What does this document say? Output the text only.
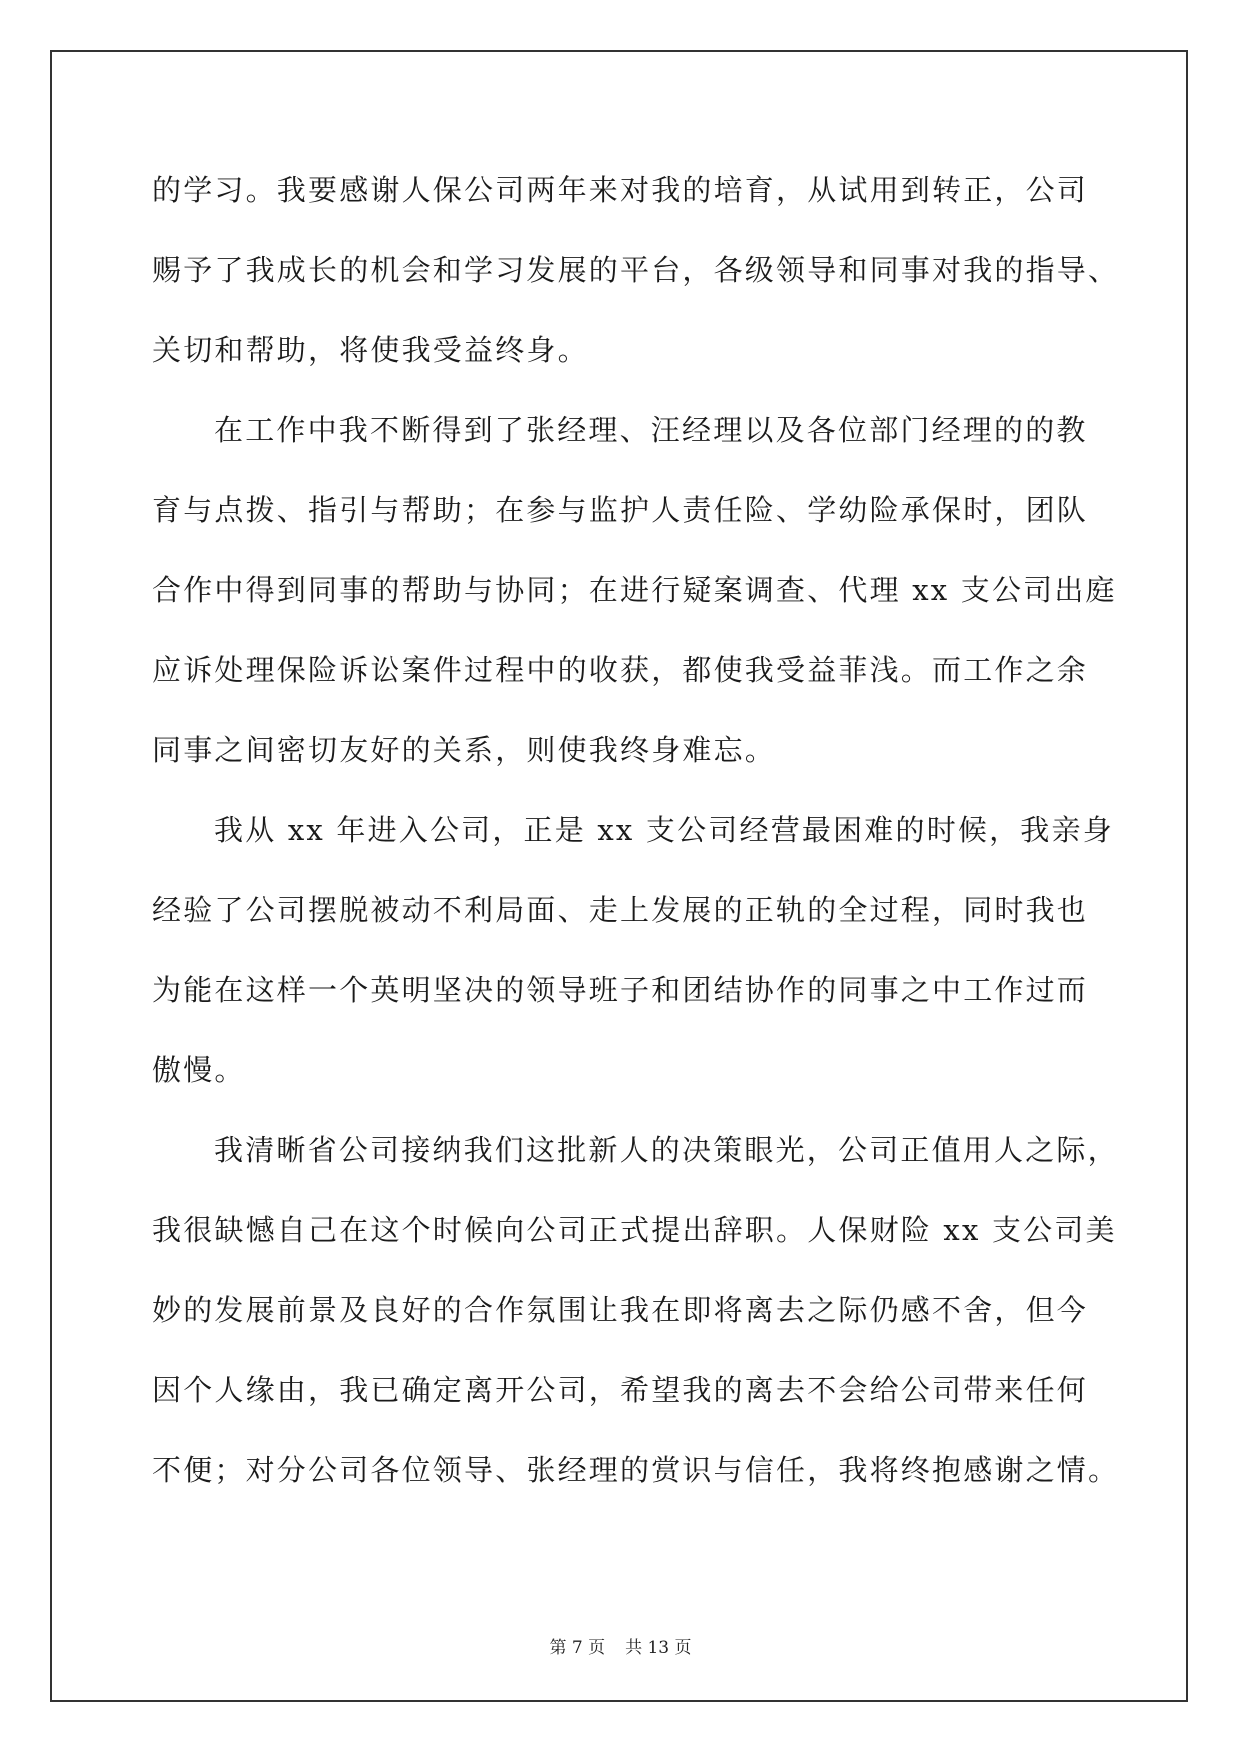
的学习。我要感谢人保公司两年来对我的培育，从试用到转正，公司
赐予了我成长的机会和学习发展的平台，各级领导和同事对我的指导、
关切和帮助，将使我受益终身。
在工作中我不断得到了张经理、汪经理以及各位部门经理的的教
育与点拨、指引与帮助；在参与监护人责任险、学幼险承保时，团队
合作中得到同事的帮助与协同；在进行疑案调查、代理 xx 支公司出庭
应诉处理保险诉讼案件过程中的收获，都使我受益菲浅。而工作之余
同事之间密切友好的关系，则使我终身难忘。
我从 xx 年进入公司，正是 xx 支公司经营最困难的时候，我亲身
经验了公司摆脱被动不利局面、走上发展的正轨的全过程，同时我也
为能在这样一个英明坚决的领导班子和团结协作的同事之中工作过而
傲慢。
我清晰省公司接纳我们这批新人的决策眼光，公司正值用人之际，
我很缺憾自己在这个时候向公司正式提出辞职。人保财险 xx 支公司美
妙的发展前景及良好的合作氛围让我在即将离去之际仍感不舍，但今
因个人缘由，我已确定离开公司，希望我的离去不会给公司带来任何
不便；对分公司各位领导、张经理的赏识与信任，我将终抱感谢之情。
第 7 页 共 13 页
